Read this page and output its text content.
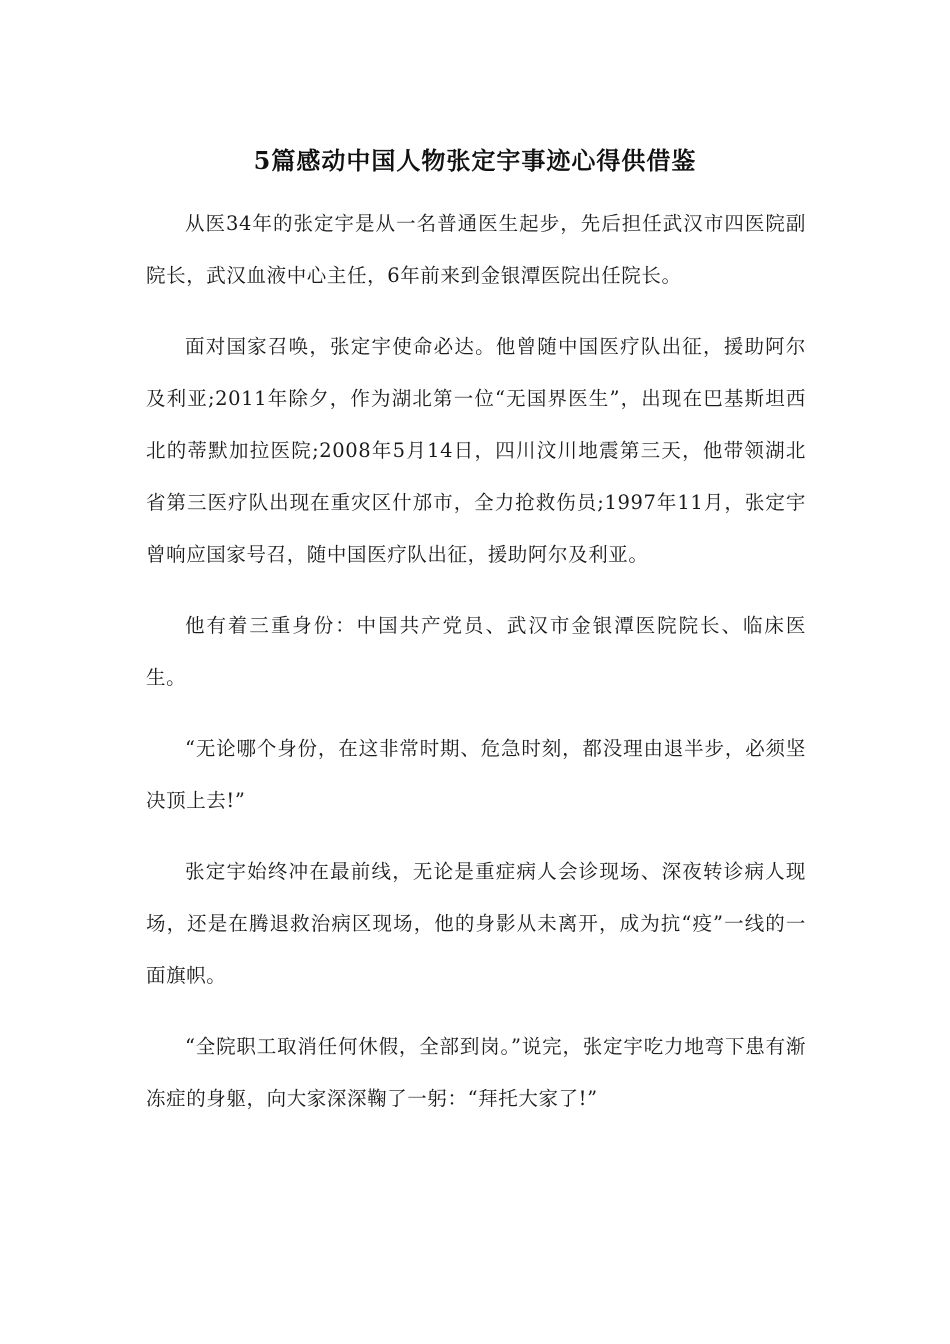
5篇感动中国人物张定宇事迹心得供借鉴

从医34年的张定宇是从一名普通医生起步，先后担任武汉市四医院副院长，武汉血液中心主任，6年前来到金银潭医院出任院长。

面对国家召唤，张定宇使命必达。他曾随中国医疗队出征，援助阿尔及利亚;2011年除夕，作为湖北第一位“无国界医生”，出现在巴基斯坦西北的蒂默加拉医院;2008年5月14日，四川汶川地震第三天，他带领湖北省第三医疗队出现在重灾区什邡市，全力抢救伤员;1997年11月，张定宇曾响应国家号召，随中国医疗队出征，援助阿尔及利亚。

他有着三重身份：中国共产党员、武汉市金银潭医院院长、临床医生。

“无论哪个身份，在这非常时期、危急时刻，都没理由退半步，必须坚决顶上去!”

张定宇始终冲在最前线，无论是重症病人会诊现场、深夜转诊病人现场，还是在腾退救治病区现场，他的身影从未离开，成为抗“疫”一线的一面旗帜。

“全院职工取消任何休假，全部到岗。”说完，张定宇吃力地弯下患有渐冻症的身躯，向大家深深鞠了一躬：“拜托大家了!”
